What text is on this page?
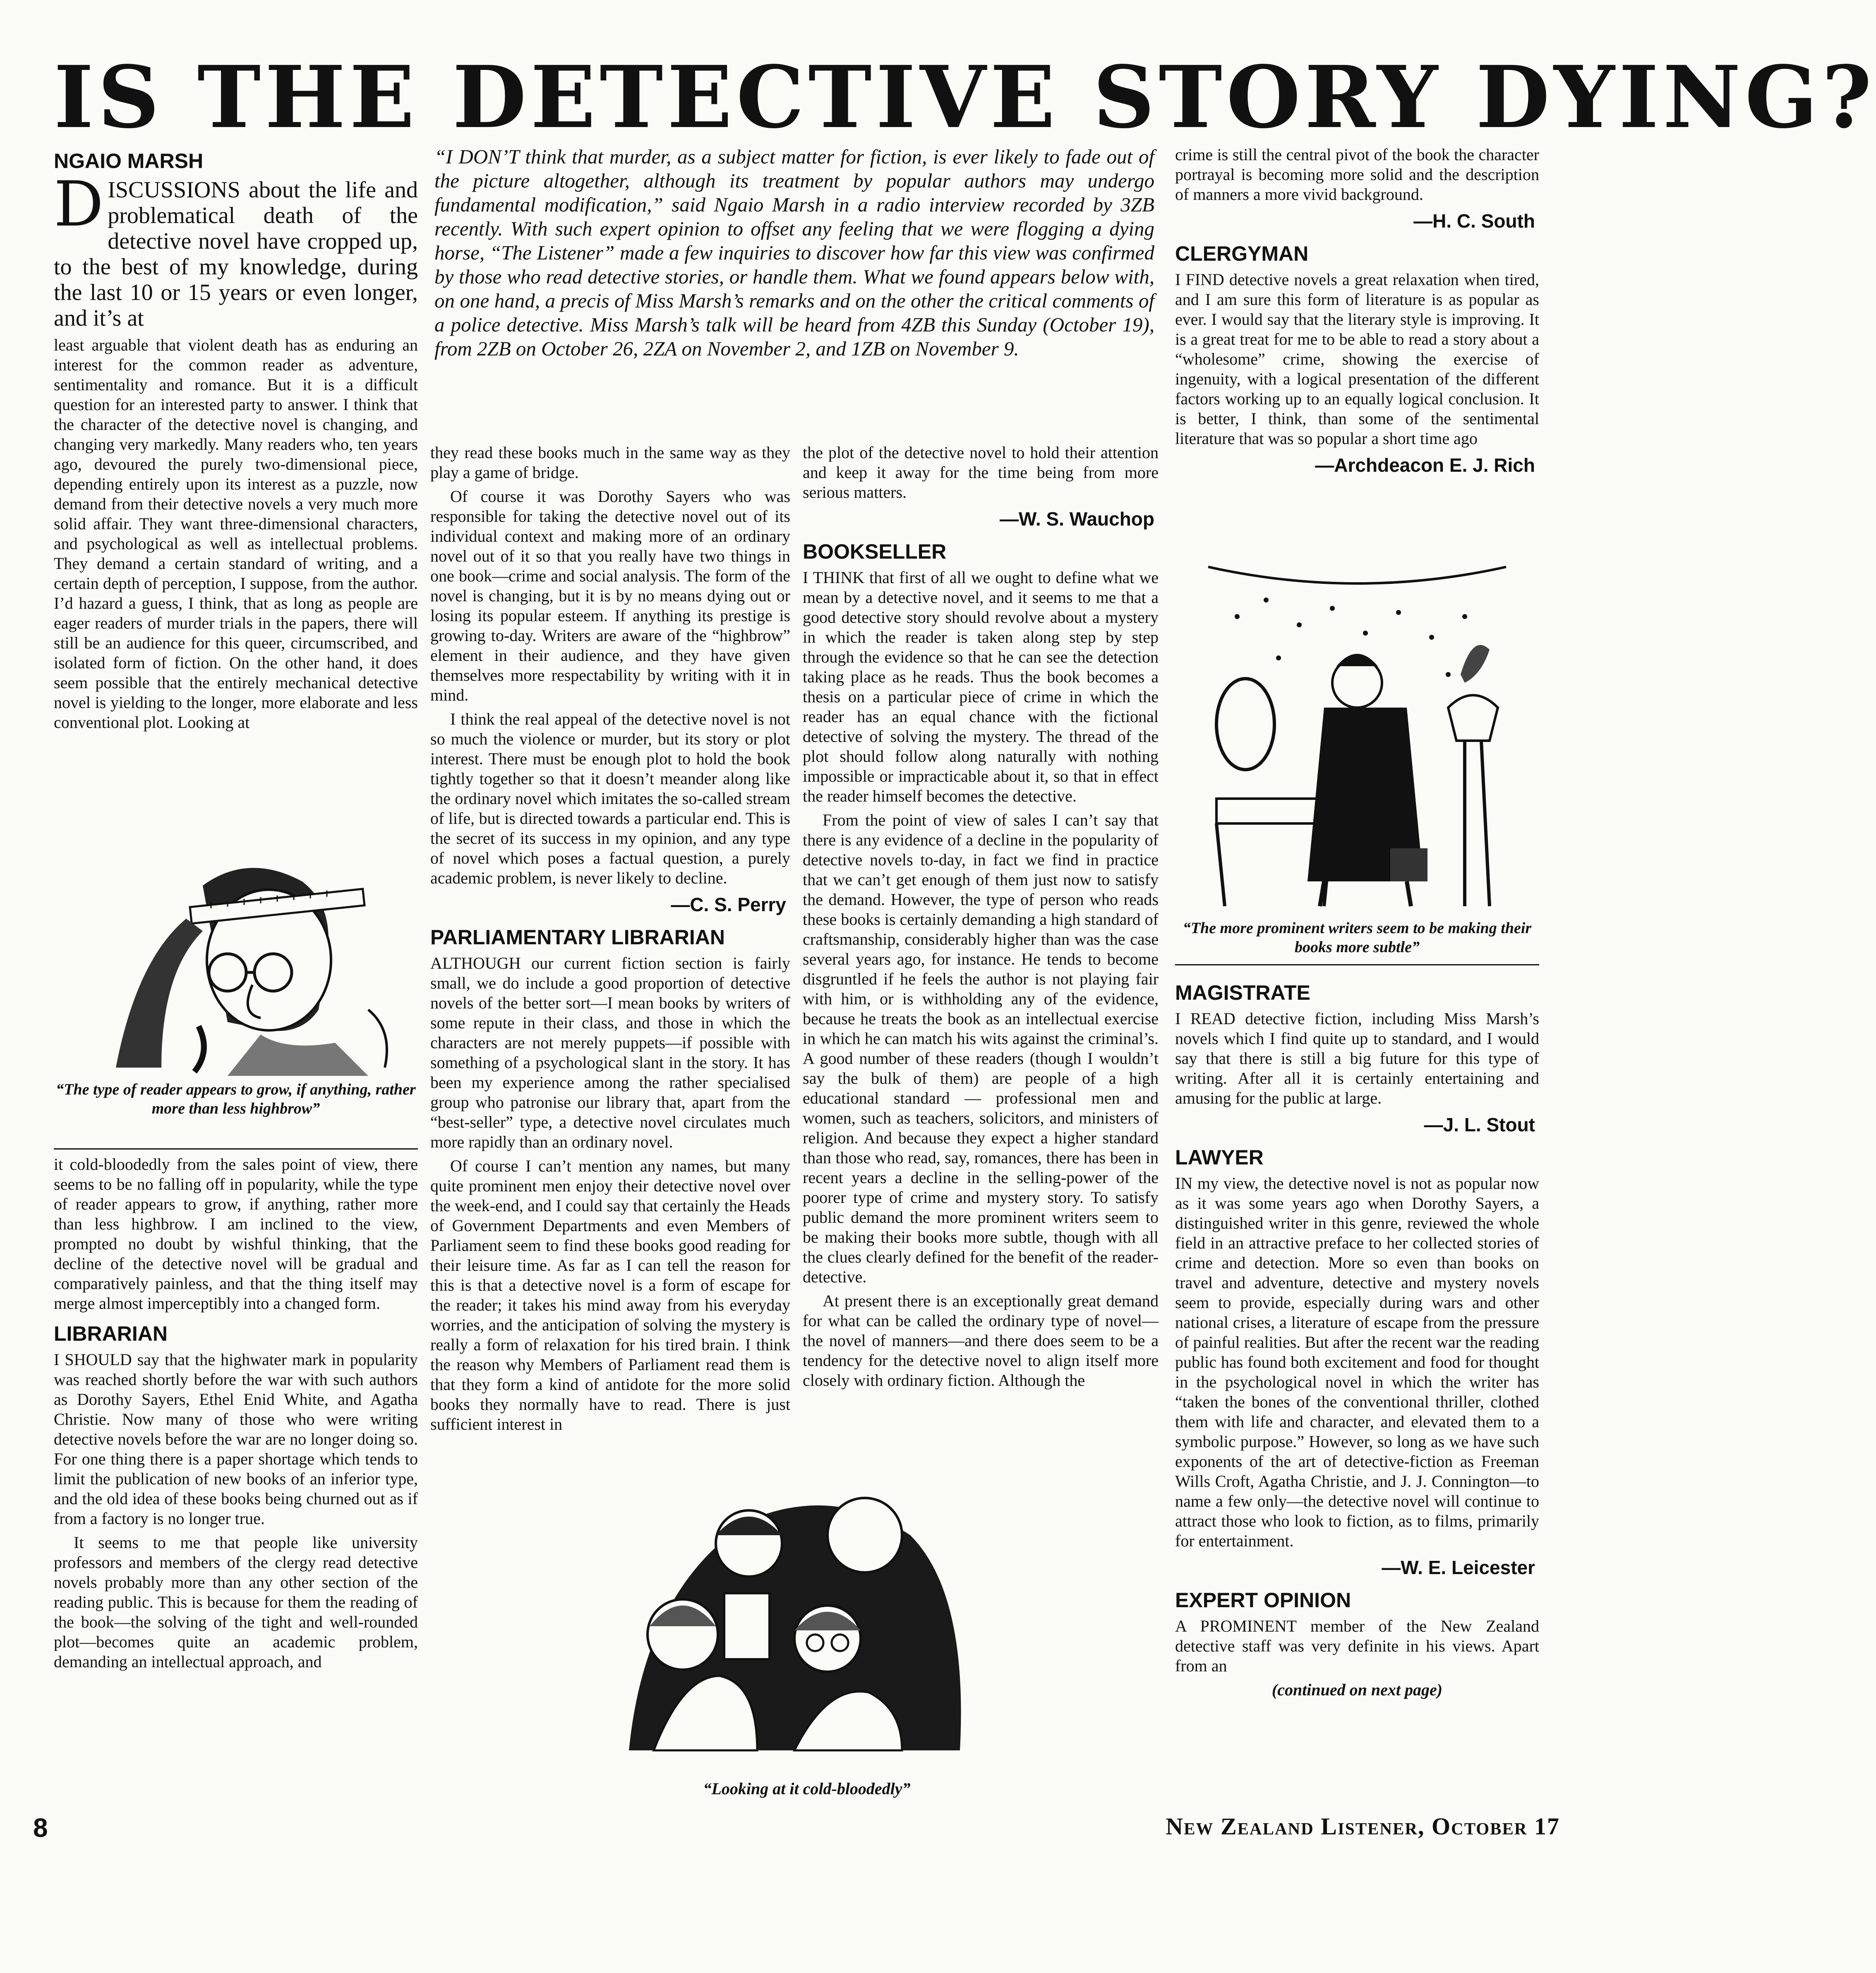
IS THE DETECTIVE STORY DYING?
NGAIO MARSH

DISCUSSIONS about the life and problematical death of the detective novel have cropped up, to the best of my knowledge, during the last 10 or 15 years or even longer, and it’s at

least arguable that violent death has as enduring an interest for the common reader as adventure, sentimentality and romance. But it is a difficult question for an interested party to answer. I think that the character of the detective novel is changing, and changing very markedly. Many readers who, ten years ago, devoured the purely two-dimensional piece, depending entirely upon its interest as a puzzle, now demand from their detective novels a very much more solid affair. They want three-dimensional characters, and psychological as well as intellectual problems. They demand a certain standard of writing, and a certain depth of perception, I suppose, from the author. I’d hazard a guess, I think, that as long as people are eager readers of murder trials in the papers, there will still be an audience for this queer, circumscribed, and isolated form of fiction. On the other hand, it does seem possible that the entirely mechanical detective novel is yielding to the longer, more elaborate and less conventional plot. Looking at

“The type of reader appears to grow, if anything, rather more than less highbrow”

it cold-bloodedly from the sales point of view, there seems to be no falling off in popularity, while the type of reader appears to grow, if anything, rather more than less highbrow. I am inclined to the view, prompted no doubt by wishful thinking, that the decline of the detective novel will be gradual and comparatively painless, and that the thing itself may merge almost imperceptibly into a changed form.

LIBRARIAN

I SHOULD say that the highwater mark in popularity was reached shortly before the war with such authors as Dorothy Sayers, Ethel Enid White, and Agatha Christie. Now many of those who were writing detective novels before the war are no longer doing so. For one thing there is a paper shortage which tends to limit the publication of new books of an inferior type, and the old idea of these books being churned out as if from a factory is no longer true.

It seems to me that people like university professors and members of the clergy read detective novels probably more than any other section of the reading public. This is because for them the reading of the book—the solving of the tight and well-rounded plot—becomes quite an academic problem, demanding an intellectual approach, and

“I DON’T think that murder, as a subject matter for fiction, is ever likely to fade out of the picture altogether, although its treatment by popular authors may undergo fundamental modification,” said Ngaio Marsh in a radio interview recorded by 3ZB recently. With such expert opinion to offset any feeling that we were flogging a dying horse, “The Listener” made a few inquiries to discover how far this view was confirmed by those who read detective stories, or handle them. What we found appears below with, on one hand, a precis of Miss Marsh’s remarks and on the other the critical comments of a police detective. Miss Marsh’s talk will be heard from 4ZB this Sunday (October 19), from 2ZB on October 26, 2ZA on November 2, and 1ZB on November 9.

they read these books much in the same way as they play a game of bridge.

Of course it was Dorothy Sayers who was responsible for taking the detective novel out of its individual context and making more of an ordinary novel out of it so that you really have two things in one book—crime and social analysis. The form of the novel is changing, but it is by no means dying out or losing its popular esteem. If anything its prestige is growing to-day. Writers are aware of the “highbrow” element in their audience, and they have given themselves more respectability by writing with it in mind.

I think the real appeal of the detective novel is not so much the violence or murder, but its story or plot interest. There must be enough plot to hold the book tightly together so that it doesn’t meander along like the ordinary novel which imitates the so-called stream of life, but is directed towards a particular end. This is the secret of its success in my opinion, and any type of novel which poses a factual question, a purely academic problem, is never likely to decline.

—C. S. Perry
PARLIAMENTARY LIBRARIAN

ALTHOUGH our current fiction section is fairly small, we do include a good proportion of detective novels of the better sort—I mean books by writers of some repute in their class, and those in which the characters are not merely puppets—if possible with something of a psychological slant in the story. It has been my experience among the rather specialised group who patronise our library that, apart from the “best-seller” type, a detective novel circulates much more rapidly than an ordinary novel.

Of course I can’t mention any names, but many quite prominent men enjoy their detective novel over the week-end, and I could say that certainly the Heads of Government Departments and even Members of Parliament seem to find these books good reading for their leisure time. As far as I can tell the reason for this is that a detective novel is a form of escape for the reader; it takes his mind away from his everyday worries, and the anticipation of solving the mystery is really a form of relaxation for his tired brain. I think the reason why Members of Parliament read them is that they form a kind of antidote for the more solid books they normally have to read. There is just sufficient interest in

the plot of the detective novel to hold their attention and keep it away for the time being from more serious matters.

—W. S. Wauchop
BOOKSELLER

I THINK that first of all we ought to define what we mean by a detective novel, and it seems to me that a good detective story should revolve about a mystery in which the reader is taken along step by step through the evidence so that he can see the detection taking place as he reads. Thus the book becomes a thesis on a particular piece of crime in which the reader has an equal chance with the fictional detective of solving the mystery. The thread of the plot should follow along naturally with nothing impossible or impracticable about it, so that in effect the reader himself becomes the detective.

From the point of view of sales I can’t say that there is any evidence of a decline in the popularity of detective novels to-day, in fact we find in practice that we can’t get enough of them just now to satisfy the demand. However, the type of person who reads these books is certainly demanding a high standard of craftsmanship, considerably higher than was the case several years ago, for instance. He tends to become disgruntled if he feels the author is not playing fair with him, or is withholding any of the evidence, because he treats the book as an intellectual exercise in which he can match his wits against the criminal’s. A good number of these readers (though I wouldn’t say the bulk of them) are people of a high educational standard — professional men and women, such as teachers, solicitors, and ministers of religion. And because they expect a higher standard than those who read, say, romances, there has been in recent years a decline in the selling-power of the poorer type of crime and mystery story. To satisfy public demand the more prominent writers seem to be making their books more subtle, though with all the clues clearly defined for the benefit of the reader-detective.

At present there is an exceptionally great demand for what can be called the ordinary type of novel—the novel of manners—and there does seem to be a tendency for the detective novel to align itself more closely with ordinary fiction. Although the

“Looking at it cold-bloodedly”

crime is still the central pivot of the book the character portrayal is becoming more solid and the description of manners a more vivid background.

—H. C. South
CLERGYMAN

I FIND detective novels a great relaxation when tired, and I am sure this form of literature is as popular as ever. I would say that the literary style is improving. It is a great treat for me to be able to read a story about a “wholesome” crime, showing the exercise of ingenuity, with a logical presentation of the different factors working up to an equally logical conclusion. It is better, I think, than some of the sentimental literature that was so popular a short time ago

—Archdeacon E. J. Rich
“The more prominent writers seem to be making their books more subtle”
MAGISTRATE

I READ detective fiction, including Miss Marsh’s novels which I find quite up to standard, and I would say that there is still a big future for this type of writing. After all it is certainly entertaining and amusing for the public at large.

—J. L. Stout
LAWYER

IN my view, the detective novel is not as popular now as it was some years ago when Dorothy Sayers, a distinguished writer in this genre, reviewed the whole field in an attractive preface to her collected stories of crime and detection. More so even than books on travel and adventure, detective and mystery novels seem to provide, especially during wars and other national crises, a literature of escape from the pressure of painful realities. But after the recent war the reading public has found both excitement and food for thought in the psychological novel in which the writer has “taken the bones of the conventional thriller, clothed them with life and character, and elevated them to a symbolic purpose.” However, so long as we have such exponents of the art of detective-fiction as Freeman Wills Croft, Agatha Christie, and J. J. Connington—to name a few only—the detective novel will continue to attract those who look to fiction, as to films, primarily for entertainment.

—W. E. Leicester
EXPERT OPINION

A PROMINENT member of the New Zealand detective staff was very definite in his views. Apart from an

(continued on next page)

8	New Zealand Listener, October 17
